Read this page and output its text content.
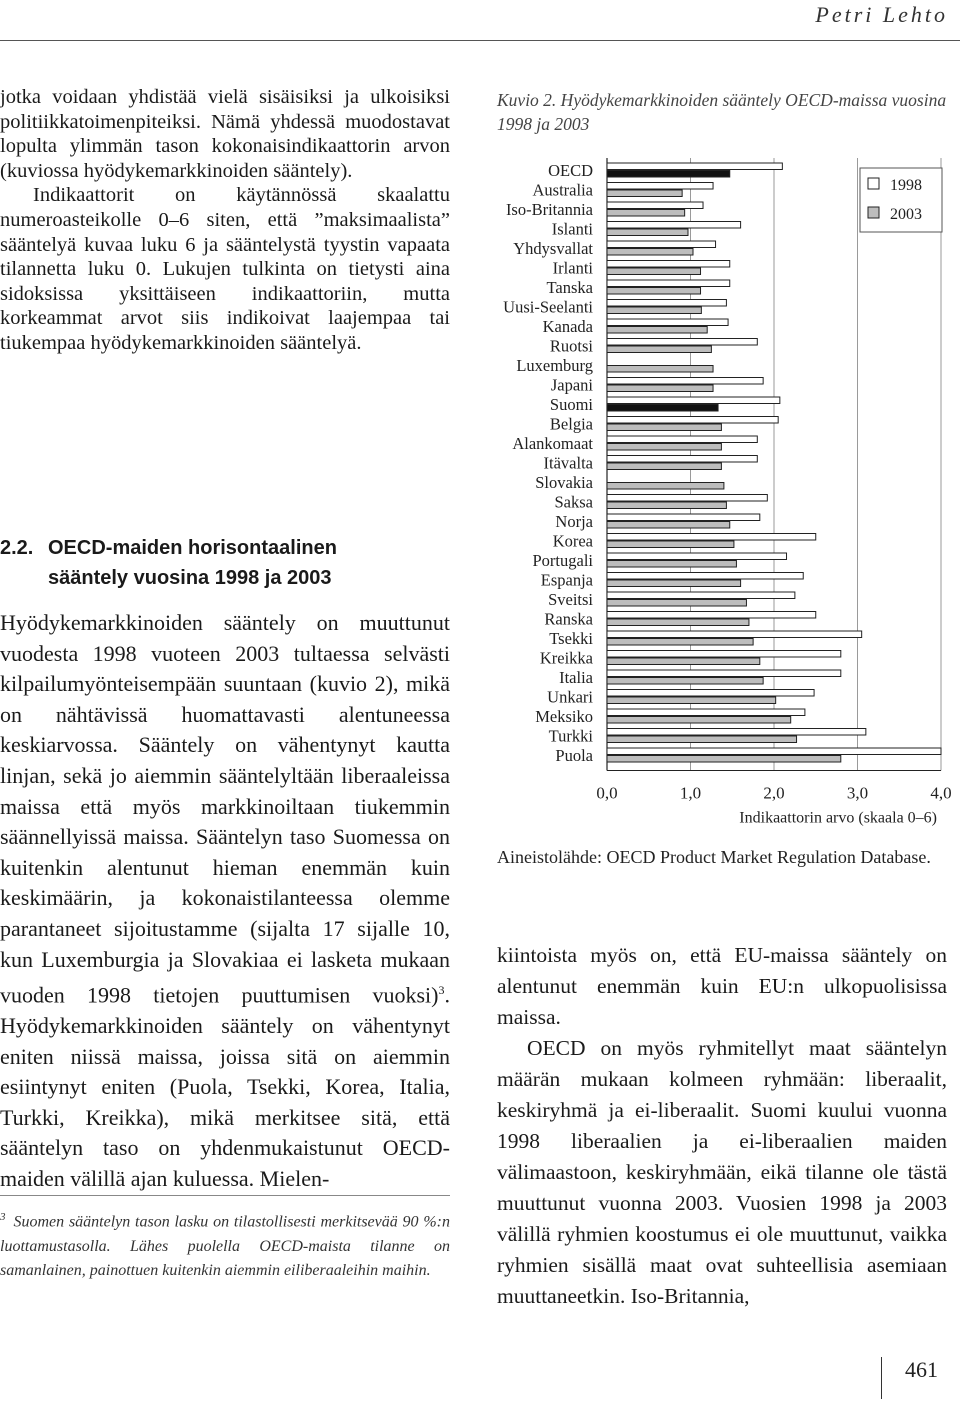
Petri Lehto

jotka voidaan yhdistää vielä sisäisiksi ja ulkoisiksi politiikkatoimenpiteiksi. Nämä yhdessä muodostavat lopulta ylimmän tason kokonaisindikaattorin arvon (kuviossa hyödykemarkkinoiden sääntely).

Indikaattorit on käytännössä skaalattu numeroasteikolle 0–6 siten, että ”maksimaalista” sääntelyä kuvaa luku 6 ja sääntelystä tyystin vapaata tilannetta luku 0. Lukujen tulkinta on tietysti aina sidoksissa yksittäiseen indikaattoriin, mutta korkeammat arvot siis indikoivat laajempaa tai tiukempaa hyödykemarkkinoiden sääntelyä.

2.2. OECD-maiden horisontaalinen
sääntely vuosina 1998 ja 2003

Hyödykemarkkinoiden sääntely on muuttunut vuodesta 1998 vuoteen 2003 tultaessa selvästi kilpailumyönteisempään suuntaan (kuvio 2), mikä on nähtävissä huomattavasti alentuneessa keskiarvossa. Sääntely on vähentynyt kautta linjan, sekä jo aiemmin sääntelyltään liberaaleissa maissa että myös markkinoiltaan tiukemmin säännellyissä maissa. Sääntelyn taso Suomessa on kuitenkin alentunut hieman enemmän kuin keskimäärin, ja kokonaistilanteessa olemme parantaneet sijoitustamme (sijalta 17 sijalle 10, kun Luxemburgia ja Slovakiaa ei lasketa mukaan vuoden 1998 tietojen puuttumisen vuoksi)$^3$. Hyödykemarkkinoiden sääntely on vähentynyt eniten niissä maissa, joissa sitä on aiemmin esiintynyt eniten (Puola, Tsekki, Korea, Italia, Turkki, Kreikka), mikä merkitsee sitä, että sääntelyn taso on yhdenmukaistunut OECD-maiden välillä ajan kuluessa. Mielen-

$^3$ Suomen sääntelyn tason lasku on tilastollisesti merkitsevää 90 %:n luottamustasolla. Lähes puolella OECD-maista tilanne on samanlainen, painottuen kuitenkin aiemmin eiliberaaleihin maihin.
Kuvio 2. Hyödykemarkkinoiden sääntely OECD-maissa vuosina 1998 ja 2003
OECD
Australia
Iso-Britannia
Islanti
Yhdysvallat
Irlanti
Tanska
Uusi-Seelanti
Kanada
Ruotsi
Luxemburg
Japani
Suomi
Belgia
Alankomaat
Itävalta
Slovakia
Saksa
Norja
Korea
Portugali
Espanja
Sveitsi
Ranska
Tsekki
Kreikka
Italia
Unkari
Meksiko
Turkki
Puola
0,0	1,0	2,0	3,0	4,0
Indikaattorin arvo (skaala 0–6)
1998
2003
Aineistolähde: OECD Product Market Regulation Database.

kiintoista myös on, että EU-maissa sääntely on alentunut enemmän kuin EU:n ulkopuolisissa maissa.

OECD on myös ryhmitellyt maat sääntelyn määrän mukaan kolmeen ryhmään: liberaalit, keskiryhmä ja ei-liberaalit. Suomi kuului vuonna 1998 liberaalien ja ei-liberaalien maiden välimaastoon, keskiryhmään, eikä tilanne ole tästä muuttunut vuonna 2003. Vuosien 1998 ja 2003 välillä ryhmien koostumus ei ole muuttunut, vaikka ryhmien sisällä maat ovat suhteellisia asemiaan muuttaneetkin. Iso-Britannia,

461
